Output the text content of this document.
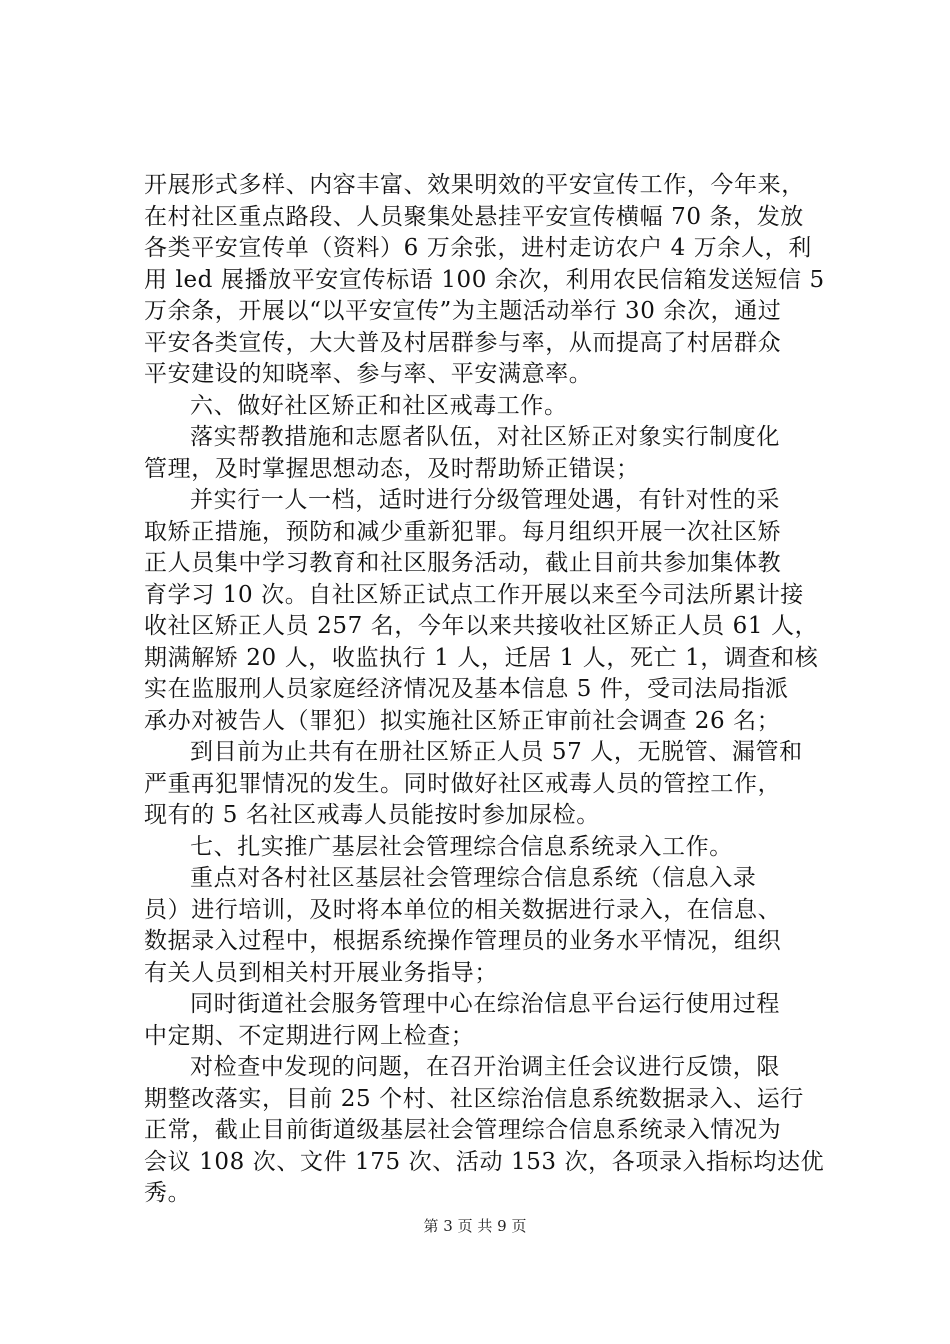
开展形式多样、内容丰富、效果明效的平安宣传工作，今年来，
在村社区重点路段、人员聚集处悬挂平安宣传横幅 70 条，发放
各类平安宣传单（资料）6 万余张，进村走访农户 4 万余人，利
用 led 展播放平安宣传标语 100 余次，利用农民信箱发送短信 5
万余条，开展以“以平安宣传”为主题活动举行 30 余次，通过
平安各类宣传，大大普及村居群参与率，从而提高了村居群众
平安建设的知晓率、参与率、平安满意率。
六、做好社区矫正和社区戒毒工作。
落实帮教措施和志愿者队伍，对社区矫正对象实行制度化
管理，及时掌握思想动态，及时帮助矫正错误；
并实行一人一档，适时进行分级管理处遇，有针对性的采
取矫正措施，预防和减少重新犯罪。每月组织开展一次社区矫
正人员集中学习教育和社区服务活动，截止目前共参加集体教
育学习 10 次。自社区矫正试点工作开展以来至今司法所累计接
收社区矫正人员 257 名，今年以来共接收社区矫正人员 61 人，
期满解矫 20 人，收监执行 1 人，迁居 1 人，死亡 1，调查和核
实在监服刑人员家庭经济情况及基本信息 5 件，受司法局指派
承办对被告人（罪犯）拟实施社区矫正审前社会调查 26 名；
到目前为止共有在册社区矫正人员 57 人，无脱管、漏管和
严重再犯罪情况的发生。同时做好社区戒毒人员的管控工作，
现有的 5 名社区戒毒人员能按时参加尿检。
七、扎实推广基层社会管理综合信息系统录入工作。
重点对各村社区基层社会管理综合信息系统（信息入录
员）进行培训，及时将本单位的相关数据进行录入，在信息、
数据录入过程中，根据系统操作管理员的业务水平情况，组织
有关人员到相关村开展业务指导；
同时街道社会服务管理中心在综治信息平台运行使用过程
中定期、不定期进行网上检查；
对检查中发现的问题，在召开治调主任会议进行反馈，限
期整改落实，目前 25 个村、社区综治信息系统数据录入、运行
正常，截止目前街道级基层社会管理综合信息系统录入情况为
会议 108 次、文件 175 次、活动 153 次，各项录入指标均达优
秀。
第 3 页 共 9 页
